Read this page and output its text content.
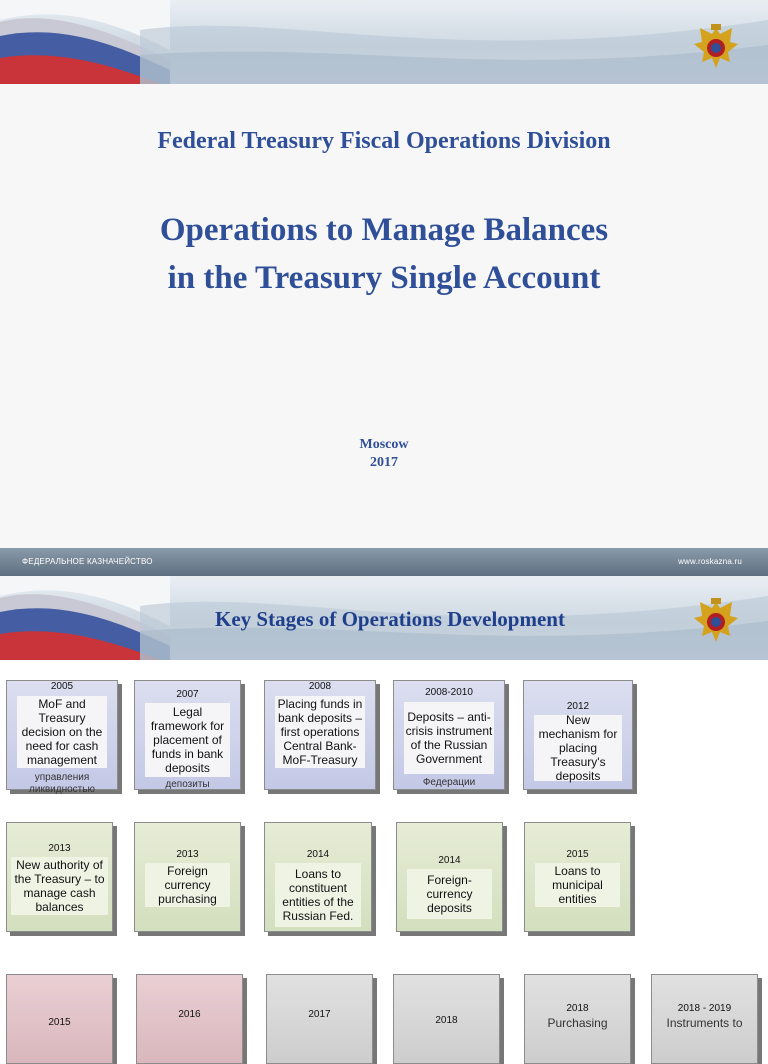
Federal Treasury Fiscal Operations Division
Operations to Manage Balances
in the Treasury Single Account
Moscow
2017
ФЕДЕРАЛЬНОЕ КАЗНАЧЕЙСТВО	www.roskazna.ru
Key Stages of Operations Development
2005
MoF and Treasury decision on the need for cash management
управления ликвидностью
2007
Legal framework for placement of funds in bank deposits
депозиты
2008
Placing funds in bank deposits – first operations Central Bank-MoF-Treasury
2008-2010
Deposits – anti-crisis instrument of the Russian Government
Федерации
2012
New mechanism for placing Treasury's deposits
2013
New authority of the Treasury – to manage cash balances
2013
Foreign currency purchasing
2014
Loans to constituent entities of the Russian Fed.
2014
Foreign-currency deposits
2015
Loans to municipal entities
2015
2016	2017
2018
2018
Purchasing
2018 - 2019
Instruments to
